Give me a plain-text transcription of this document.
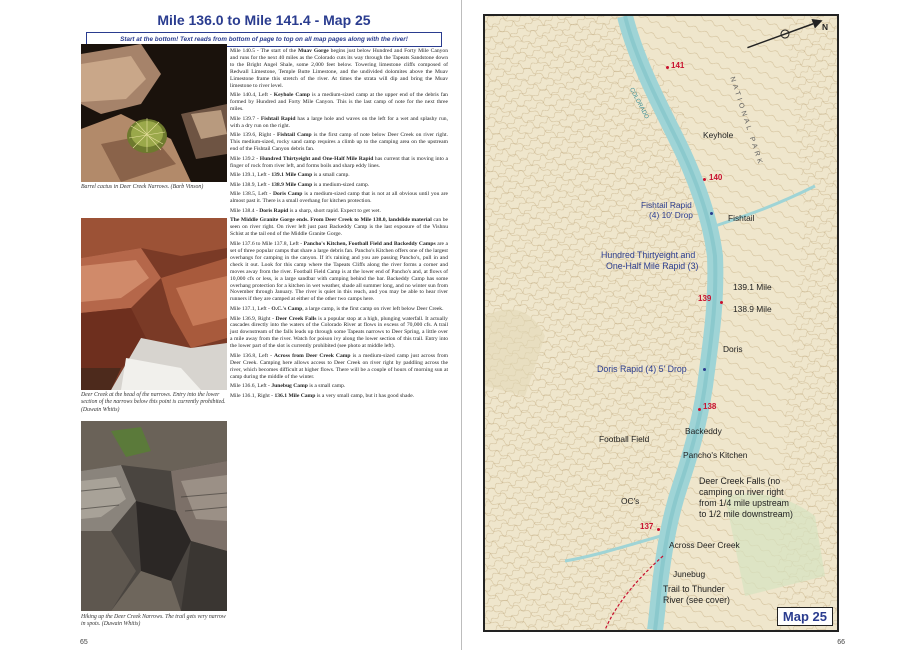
Mile 136.0 to Mile 141.4 - Map 25
Start at the bottom! Text reads from bottom of page to top on all map pages along with the river!
Barrel cactus in Deer Creek Narrows. (Barb Vinson)
Deer Creek at the head of the narrows. Entry into the lower section of the narrows below this point is currently prohibited. (Duwain Whitis)
Hiking up the Deer Creek Narrows. The trail gets very narrow in spots. (Duwain Whitis)

Mile 140.5 - The start of the Muav Gorge begins just below Hundred and Forty Mile Canyon and runs for the next 40 miles as the Colorado cuts its way through the Tapeats Sandstone down to the Bright Angel Shale, some 2,000 feet below. Towering limestone cliffs composed of Redwall Limestone, Temple Butte Limestone, and the undivided dolomites above the Muav Limestone frame this stretch of the river. At times the strata will dip and bring the Muav limestone to river level.

Mile 140.4, Left - Keyhole Camp is a medium-sized camp at the upper end of the debris fan formed by Hundred and Forty Mile Canyon. This is the last camp of note for the next three miles.

Mile 139.7 - Fishtail Rapid has a large hole and waves on the left for a wet and splashy run, with a dry run on the right.

Mile 139.6, Right - Fishtail Camp is the first camp of note below Deer Creek on river right. This medium-sized, rocky sand camp requires a climb up to the camping area on the upstream end of the Fishtail Canyon debris fan.

Mile 139.2 - Hundred Thirtyeight and One-Half Mile Rapid has current that is moving into a finger of rock from river left, and forms boils and sharp eddy lines.

Mile 139.1, Left - 139.1 Mile Camp is a small camp.

Mile 138.9, Left - 138.9 Mile Camp is a medium-sized camp.

Mile 138.5, Left - Doris Camp is a medium-sized camp that is not at all obvious until you are almost past it. There is a small overhang for kitchen protection.

Mile 138.4 - Doris Rapid is a sharp, short rapid. Expect to get wet.

The Middle Granite Gorge ends. From Deer Creek to Mile 138.0, landslide material can be seen on river right. On river left just past Backeddy Camp is the last exposure of the Vishnu Schist at the tail end of the Middle Granite Gorge.

Mile 137.6 to Mile 137.8, Left - Pancho's Kitchen, Football Field and Backeddy Camps are a set of three popular camps that share a large debris fan. Pancho's Kitchen offers one of the largest overhangs for camping in the canyon. If it's raining and you are passing Pancho's, pull in and check it out. Look for this camp where the Tapeats Cliffs along the river forms a corner and moves away from the river. Football Field Camp is at the lower end of Pancho's and, at flows of 10,000 cfs or less, is a large sandbar with camping behind the bar. Backeddy Camp has some overhang protection for a kitchen in wet weather, shade all summer long, and no winter sun from November through January. The river is quiet in this reach, and you may be able to hear river runners if they are camped at either of the other two camps here.

Mile 137.1, Left - O.C.'s Camp, a large camp, is the first camp on river left below Deer Creek.

Mile 136.9, Right - Deer Creek Falls is a popular stop at a high, plunging waterfall. It actually cascades directly into the waters of the Colorado River at flows in excess of 70,000 cfs. A trail just downstream of the falls leads up through some Tapeats narrows to Deer Spring, a little over a mile away from the river. Watch for poison ivy along the lower section of this trail. Entry into the lower part of the slot is currently prohibited (see photo at middle left).

Mile 136.8, Left - Across from Deer Creek Camp is a medium-sized camp just across from Deer Creek. Camping here allows access to Deer Creek on river right by paddling across the river, which becomes difficult at higher flows. There will be a couple of hours of morning sun at camp during the middle of the winter.

Mile 136.6, Left - Junebug Camp is a small camp.

Mile 136.1, Right - 136.1 Mile Camp is a very small camp, but it has good shade.

65
N
NATIONAL PARK
COLORADO
141
140
139
138
137
Keyhole
Fishtail Rapid
(4) 10' Drop	Fishtail
Hundred Thirtyeight and
One-Half Mile Rapid (3)
139.1 Mile
138.9 Mile
Doris
Doris Rapid (4) 5' Drop
Football Field
Backeddy
Pancho's Kitchen
Deer Creek Falls (no
camping on river right
from 1/4 mile upstream
to 1/2 mile downstream)
OC's
Across Deer Creek
Junebug
Trail to Thunder
River (see cover)
Map 25
66
